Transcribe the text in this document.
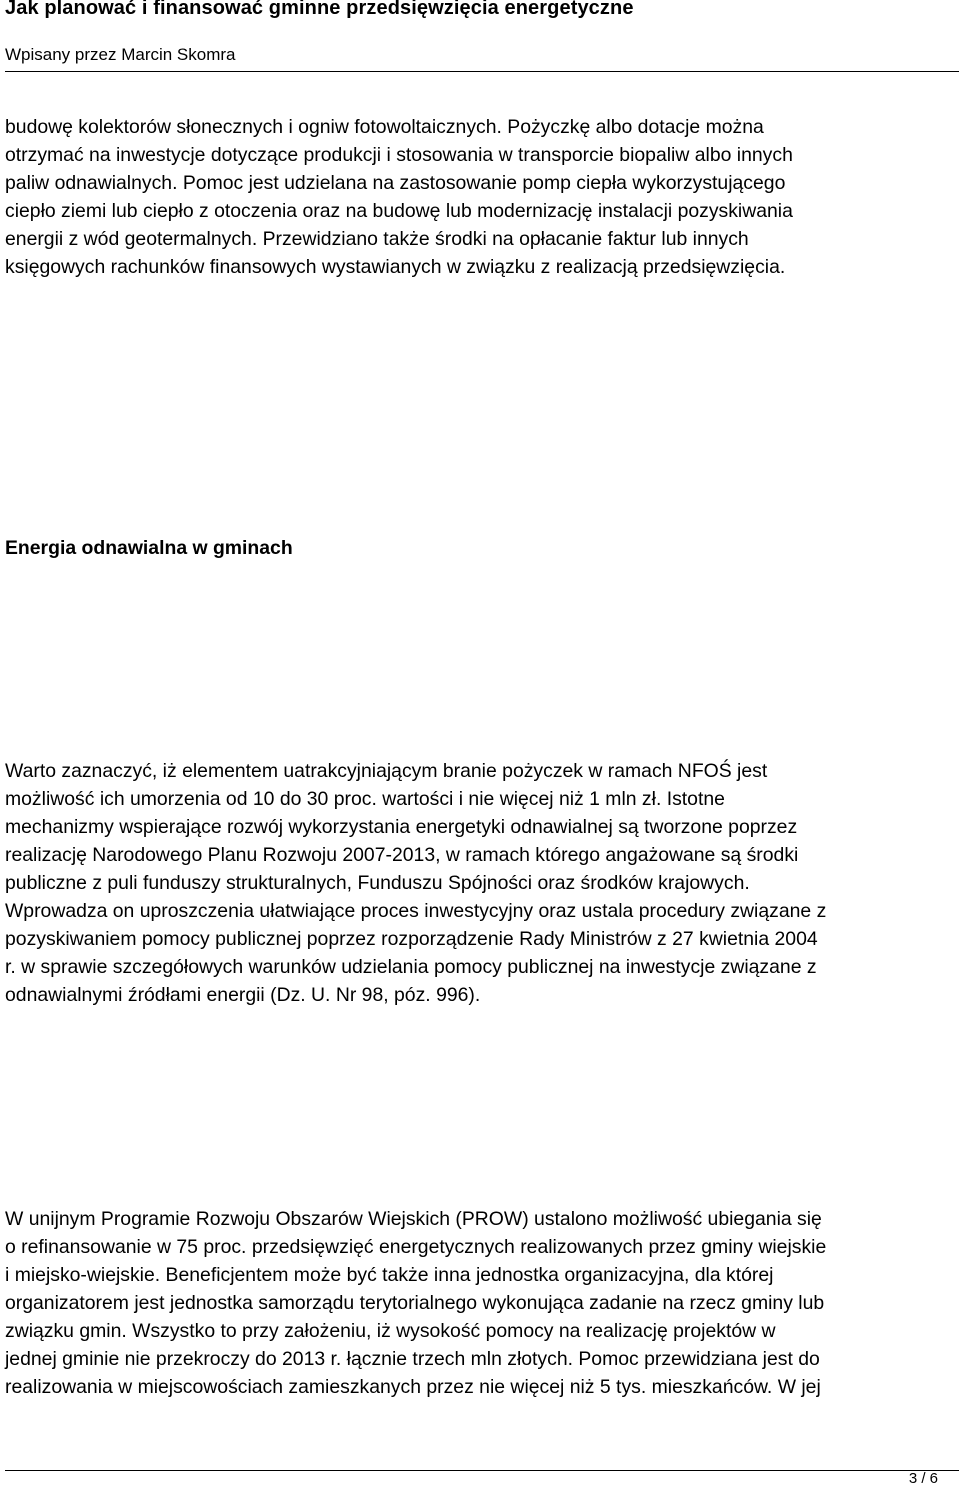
Jak planować i finansować gminne przedsięwzięcia energetyczne
Wpisany przez Marcin Skomra

budowę kolektorów słonecznych i ogniw fotowoltaicznych. Pożyczkę albo dotacje można
otrzymać na inwestycje dotyczące produkcji i stosowania w transporcie biopaliw albo innych
paliw odnawialnych. Pomoc jest udzielana na zastosowanie pomp ciepła wykorzystującego
ciepło ziemi lub ciepło z otoczenia oraz na budowę lub modernizację instalacji pozyskiwania
energii z wód geotermalnych. Przewidziano także środki na opłacanie faktur lub innych
księgowych rachunków finansowych wystawianych w związku z realizacją przedsięwzięcia.

Energia odnawialna w gminach

Warto zaznaczyć, iż elementem uatrakcyjniającym branie pożyczek w ramach NFOŚ jest
możliwość ich umorzenia od 10 do 30 proc. wartości i nie więcej niż 1 mln zł. Istotne
mechanizmy wspierające rozwój wykorzystania energetyki odnawialnej są tworzone poprzez
realizację Narodowego Planu Rozwoju 2007-2013, w ramach którego angażowane są środki
publiczne z puli funduszy strukturalnych, Funduszu Spójności oraz środków krajowych.
Wprowadza on uproszczenia ułatwiające proces inwestycyjny oraz ustala procedury związane z
pozyskiwaniem pomocy publicznej poprzez rozporządzenie Rady Ministrów z 27 kwietnia 2004
r. w sprawie szczegółowych warunków udzielania pomocy publicznej na inwestycje związane z
odnawialnymi źródłami energii (Dz. U. Nr 98, póz. 996).

W unijnym Programie Rozwoju Obszarów Wiejskich (PROW) ustalono możliwość ubiegania się
o refinansowanie w 75 proc. przedsięwzięć energetycznych realizowanych przez gminy wiejskie
i miejsko-wiejskie. Beneficjentem może być także inna jednostka organizacyjna, dla której
organizatorem jest jednostka samorządu terytorialnego wykonująca zadanie na rzecz gminy lub
związku gmin. Wszystko to przy założeniu, iż wysokość pomocy na realizację projektów w
jednej gminie nie przekroczy do 2013 r. łącznie trzech mln złotych. Pomoc przewidziana jest do
realizowania w miejscowościach zamieszkanych przez nie więcej niż 5 tys. mieszkańców. W jej

3 / 6
